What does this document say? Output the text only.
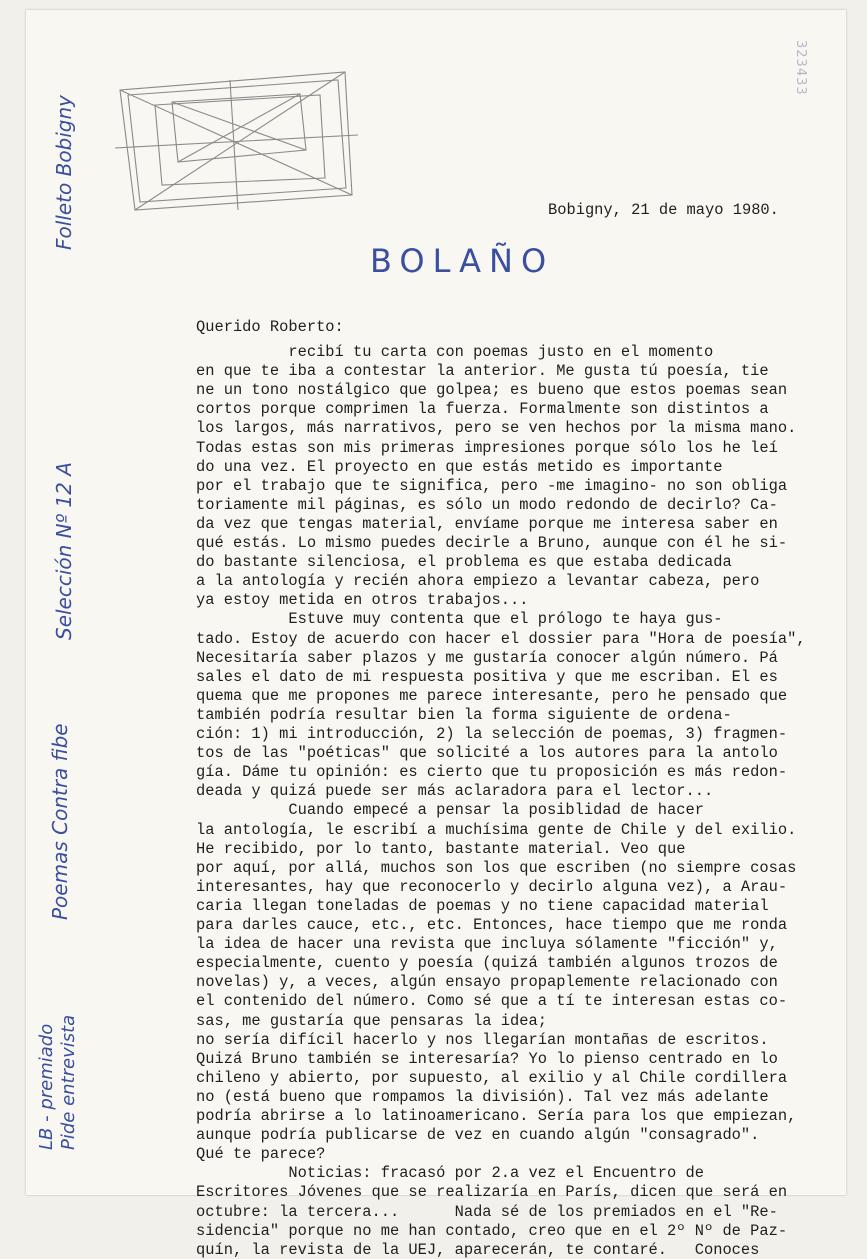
323433
BOLAÑO
Folleto Bobigny
Selección Nº 12 A
Poemas Contra fibe
LB - premiado Pide entrevista
Bobigny, 21 de mayo 1980.
Querido Roberto:
recibí tu carta con poemas justo en el momento
en que te iba a contestar la anterior. Me gusta tú poesía, tie
ne un tono nostálgico que golpea; es bueno que estos poemas sean
cortos porque comprimen la fuerza. Formalmente son distintos a
los largos, más narrativos, pero se ven hechos por la misma mano.
Todas estas son mis primeras impresiones porque sólo los he leí
do una vez. El proyecto en que estás metido es importante
por el trabajo que te significa, pero -me imagino- no son obliga
toriamente mil páginas, es sólo un modo redondo de decirlo? Ca-
da vez que tengas material, envíame porque me interesa saber en
qué estás. Lo mismo puedes decirle a Bruno, aunque con él he si-
do bastante silenciosa, el problema es que estaba dedicada
a la antología y recién ahora empiezo a levantar cabeza, pero
ya estoy metida en otros trabajos...
Estuve muy contenta que el prólogo te haya gus-
tado. Estoy de acuerdo con hacer el dossier para "Hora de poesía",
Necesitaría saber plazos y me gustaría conocer algún número. Pá
sales el dato de mi respuesta positiva y que me escriban. El es
quema que me propones me parece interesante, pero he pensado que
también podría resultar bien la forma siguiente de ordena-
ción: 1) mi introducción, 2) la selección de poemas, 3) fragmen-
tos de las "poéticas" que solicité a los autores para la antolo
gía. Dáme tu opinión: es cierto que tu proposición es más redon-
deada y quizá puede ser más aclaradora para el lector...
Cuando empecé a pensar la posiblidad de hacer
la antología, le escribí a muchísima gente de Chile y del exilio.
He recibido, por lo tanto, bastante material. Veo que
por aquí, por allá, muchos son los que escriben (no siempre cosas
interesantes, hay que reconocerlo y decirlo alguna vez), a Arau-
caria llegan toneladas de poemas y no tiene capacidad material
para darles cauce, etc., etc. Entonces, hace tiempo que me ronda
la idea de hacer una revista que incluya sólamente "ficción" y,
especialmente, cuento y poesía (quizá también algunos trozos de
novelas) y, a veces, algún ensayo propaplemente relacionado con
el contenido del número. Como sé que a tí te interesan estas co-
sas, me gustaría que pensaras la idea;
no sería difícil hacerlo y nos llegarían montañas de escritos.
Quizá Bruno también se interesaría? Yo lo pienso centrado en lo
chileno y abierto, por supuesto, al exilio y al Chile cordillera
no (está bueno que rompamos la división). Tal vez más adelante
podría abrirse a lo latinoamericano. Sería para los que empiezan,
aunque podría publicarse de vez en cuando algún "consagrado".
Qué te parece?
Noticias: fracasó por 2.a vez el Encuentro de
Escritores Jóvenes que se realizaría en París, dicen que será en
octubre: la tercera...      Nada sé de los premiados en el "Re-
sidencia" porque no me han contado, creo que en el 2º Nº de Paz-
quín, la revista de la UEJ, aparecerán, te contaré.   Conoces
